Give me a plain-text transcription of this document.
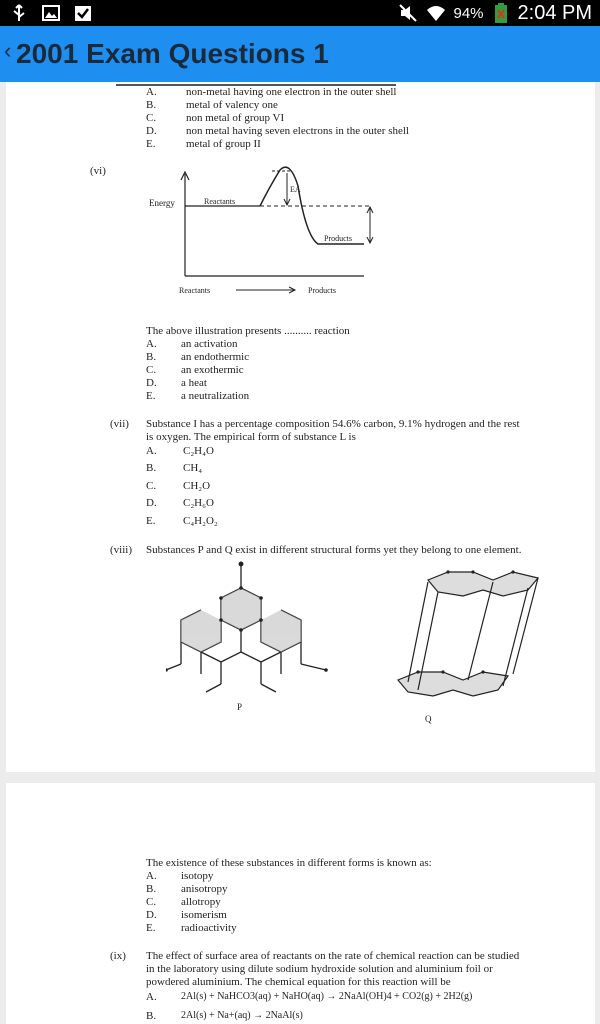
94% 2:04 PM
‹ 2001 Exam Questions 1
A.	non-metal having one electron in the outer shell
B.	metal of valency one
C.	non metal of group VI
D.	non metal having seven electrons in the outer shell
E.	metal of group II
(vi)
Energy	Reactants
EA
Products
Reactants	Products
The above illustration presents .......... reaction
A. an activation
B. an endothermic
C. an exothermic
D. a heat
E. a neutralization
(vii) Substance I has a percentage composition 54.6% carbon, 9.1% hydrogen and the rest
is oxygen. The empirical form of substance L is
A. C₂H₄O
B. CH₄
C. CH₂O
D. C₂H₆O
E.	C₄H₂O₂
(viii) Substances P and Q exist in different structural forms yet they belong to one element.
P
Q
The existence of these substances in different forms is known as:
A. isotopy
B. anisotropy
C. allotropy
D. isomerism
E. radioactivity
(ix) The effect of surface area of reactants on the rate of chemical reaction can be studied
in the laboratory using dilute sodium hydroxide solution and aluminium foil or
powdered aluminium. The chemical equation for this reaction will be
A. 2Al(s) + NaHCO3(aq) + NaHO(aq) → 2NaAl(OH)4 + CO2(g) + 2H2(g)
B. 2Al(s) + Na+(aq) → 2NaAl(s)
